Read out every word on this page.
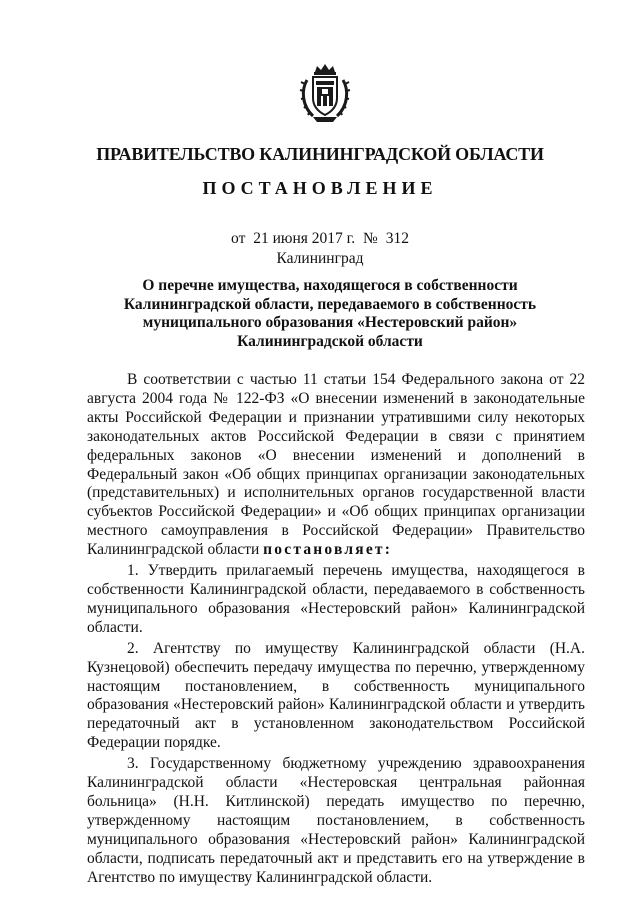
ПРАВИТЕЛЬСТВО КАЛИНИНГРАДСКОЙ ОБЛАСТИ
ПОСТАНОВЛЕНИЕ
от 21 июня 2017 г. № 312
Калининград
О перечне имущества, находящегося в собственности
Калининградской области, передаваемого в собственность
муниципального образования «Нестеровский район»
Калининградской области

В соответствии с частью 11 статьи 154 Федерального закона от 22 августа 2004 года № 122-ФЗ «О внесении изменений в законодательные акты Российской Федерации и признании утратившими силу некоторых законодательных актов Российской Федерации в связи с принятием федеральных законов «О внесении изменений и дополнений в Федеральный закон «Об общих принципах организации законодательных (представительных) и исполнительных органов государственной власти субъектов Российской Федерации» и «Об общих принципах организации местного самоуправления в Российской Федерации» Правительство Калининградской области постановляет:

1. Утвердить прилагаемый перечень имущества, находящегося в собственности Калининградской области, передаваемого в собственность муниципального образования «Нестеровский район» Калининградской области.

2. Агентству по имуществу Калининградской области (Н.А. Кузнецовой) обеспечить передачу имущества по перечню, утвержденному настоящим постановлением, в собственность муниципального образования «Нестеровский район» Калининградской области и утвердить передаточный акт в установленном законодательством Российской Федерации порядке.

3. Государственному бюджетному учреждению здравоохранения Калининградской области «Нестеровская центральная районная больница» (Н.Н. Китлинской) передать имущество по перечню, утвержденному настоящим постановлением, в собственность муниципального образования «Нестеровский район» Калининградской области, подписать передаточный акт и представить его на утверждение в Агентство по имуществу Калининградской области.
